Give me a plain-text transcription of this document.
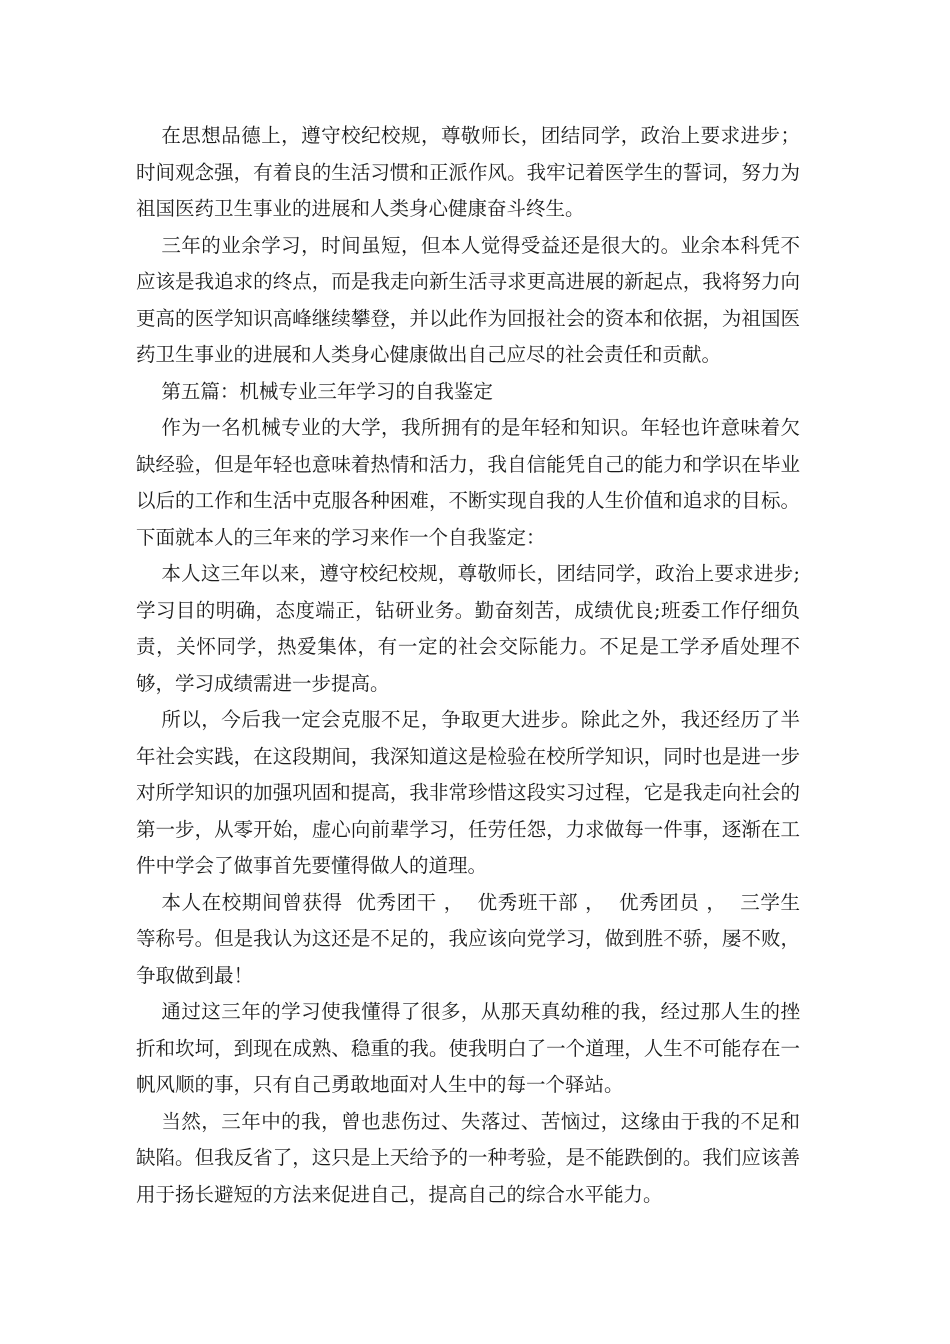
在思想品德上，遵守校纪校规，尊敬师长，团结同学，政治上要求进步；时间观念强，有着良的生活习惯和正派作风。我牢记着医学生的誓词，努力为祖国医药卫生事业的进展和人类身心健康奋斗终生。

三年的业余学习，时间虽短，但本人觉得受益还是很大的。业余本科凭不应该是我追求的终点，而是我走向新生活寻求更高进展的新起点，我将努力向更高的医学知识高峰继续攀登，并以此作为回报社会的资本和依据，为祖国医药卫生事业的进展和人类身心健康做出自己应尽的社会责任和贡献。

第五篇：机械专业三年学习的自我鉴定

作为一名机械专业的大学，我所拥有的是年轻和知识。年轻也许意味着欠缺经验，但是年轻也意味着热情和活力，我自信能凭自己的能力和学识在毕业以后的工作和生活中克服各种困难，不断实现自我的人生价值和追求的目标。下面就本人的三年来的学习来作一个自我鉴定：

本人这三年以来，遵守校纪校规，尊敬师长，团结同学，政治上要求进步;学习目的明确，态度端正，钻研业务。勤奋刻苦，成绩优良;班委工作仔细负责，关怀同学，热爱集体，有一定的社会交际能力。不足是工学矛盾处理不够，学习成绩需进一步提高。

所以，今后我一定会克服不足，争取更大进步。除此之外，我还经历了半年社会实践，在这段期间，我深知道这是检验在校所学知识，同时也是进一步对所学知识的加强巩固和提高，我非常珍惜这段实习过程，它是我走向社会的第一步，从零开始，虚心向前辈学习，任劳任怨，力求做每一件事，逐渐在工件中学会了做事首先要懂得做人的道理。

本人在校期间曾获得  优秀团干 ，  优秀班干部 ，  优秀团员 ，  三学生  等称号。但是我认为这还是不足的，我应该向党学习，做到胜不骄，屡不败，争取做到最！

通过这三年的学习使我懂得了很多，从那天真幼稚的我，经过那人生的挫折和坎坷，到现在成熟、稳重的我。使我明白了一个道理，人生不可能存在一帆风顺的事，只有自己勇敢地面对人生中的每一个驿站。

当然，三年中的我，曾也悲伤过、失落过、苦恼过，这缘由于我的不足和缺陷。但我反省了，这只是上天给予的一种考验，是不能跌倒的。我们应该善用于扬长避短的方法来促进自己，提高自己的综合水平能力。
